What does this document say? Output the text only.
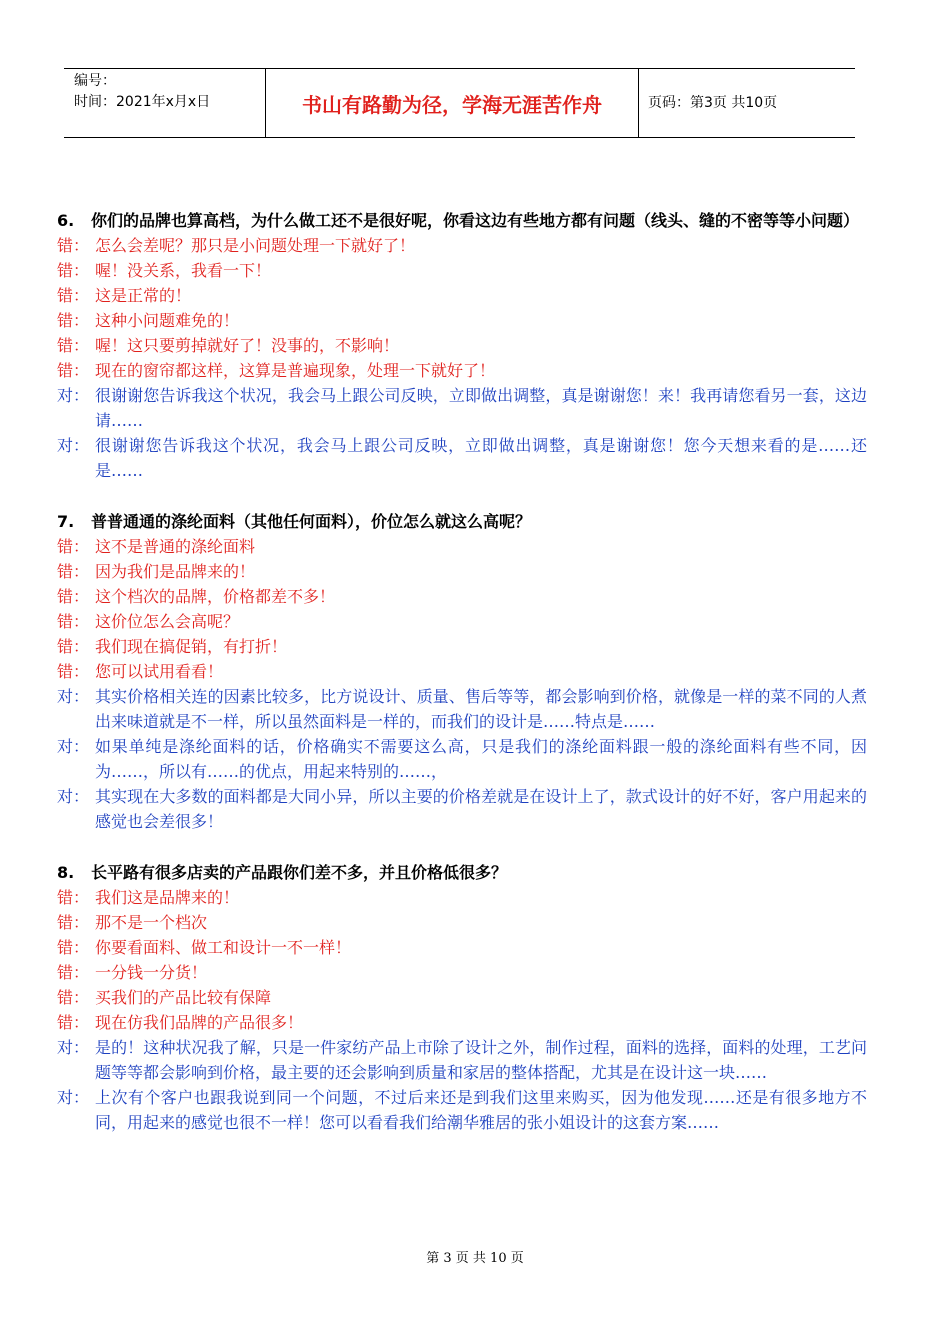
编号：
时间：2021年x月x日	书山有路勤为径，学海无涯苦作舟	页码：第3页 共10页
6.	你们的品牌也算高档，为什么做工还不是很好呢，你看这边有些地方都有问题（线头、缝的不密等等小问题）
错： 怎么会差呢？那只是小问题处理一下就好了！
错： 喔！没关系，我看一下！
错： 这是正常的！
错： 这种小问题难免的！
错： 喔！这只要剪掉就好了！没事的，不影响！
错： 现在的窗帘都这样，这算是普遍现象，处理一下就好了！
对： 很谢谢您告诉我这个状况，我会马上跟公司反映，立即做出调整，真是谢谢您！来！我再请您看另一套，这边请……
对： 很谢谢您告诉我这个状况，我会马上跟公司反映，立即做出调整，真是谢谢您！您今天想来看的是……还是……
7.	普普通通的涤纶面料（其他任何面料），价位怎么就这么高呢？
错： 这不是普通的涤纶面料
错： 因为我们是品牌来的！
错： 这个档次的品牌，价格都差不多！
错： 这价位怎么会高呢？
错： 我们现在搞促销，有打折！
错： 您可以试用看看！
对： 其实价格相关连的因素比较多，比方说设计、质量、售后等等，都会影响到价格，就像是一样的菜不同的人煮出来味道就是不一样，所以虽然面料是一样的，而我们的设计是……特点是……
对： 如果单纯是涤纶面料的话，价格确实不需要这么高，只是我们的涤纶面料跟一般的涤纶面料有些不同，因为……，所以有……的优点，用起来特别的……，
对： 其实现在大多数的面料都是大同小异，所以主要的价格差就是在设计上了，款式设计的好不好，客户用起来的感觉也会差很多！
8.	长平路有很多店卖的产品跟你们差不多，并且价格低很多？
错： 我们这是品牌来的！
错： 那不是一个档次
错： 你要看面料、做工和设计一不一样！
错： 一分钱一分货！
错： 买我们的产品比较有保障
错： 现在仿我们品牌的产品很多！
对： 是的！这种状况我了解，只是一件家纺产品上市除了设计之外，制作过程，面料的选择，面料的处理，工艺问题等等都会影响到价格，最主要的还会影响到质量和家居的整体搭配，尤其是在设计这一块……
对： 上次有个客户也跟我说到同一个问题，不过后来还是到我们这里来购买，因为他发现……还是有很多地方不同，用起来的感觉也很不一样！您可以看看我们给潮华雅居的张小姐设计的这套方案……
第 3 页 共 10 页
